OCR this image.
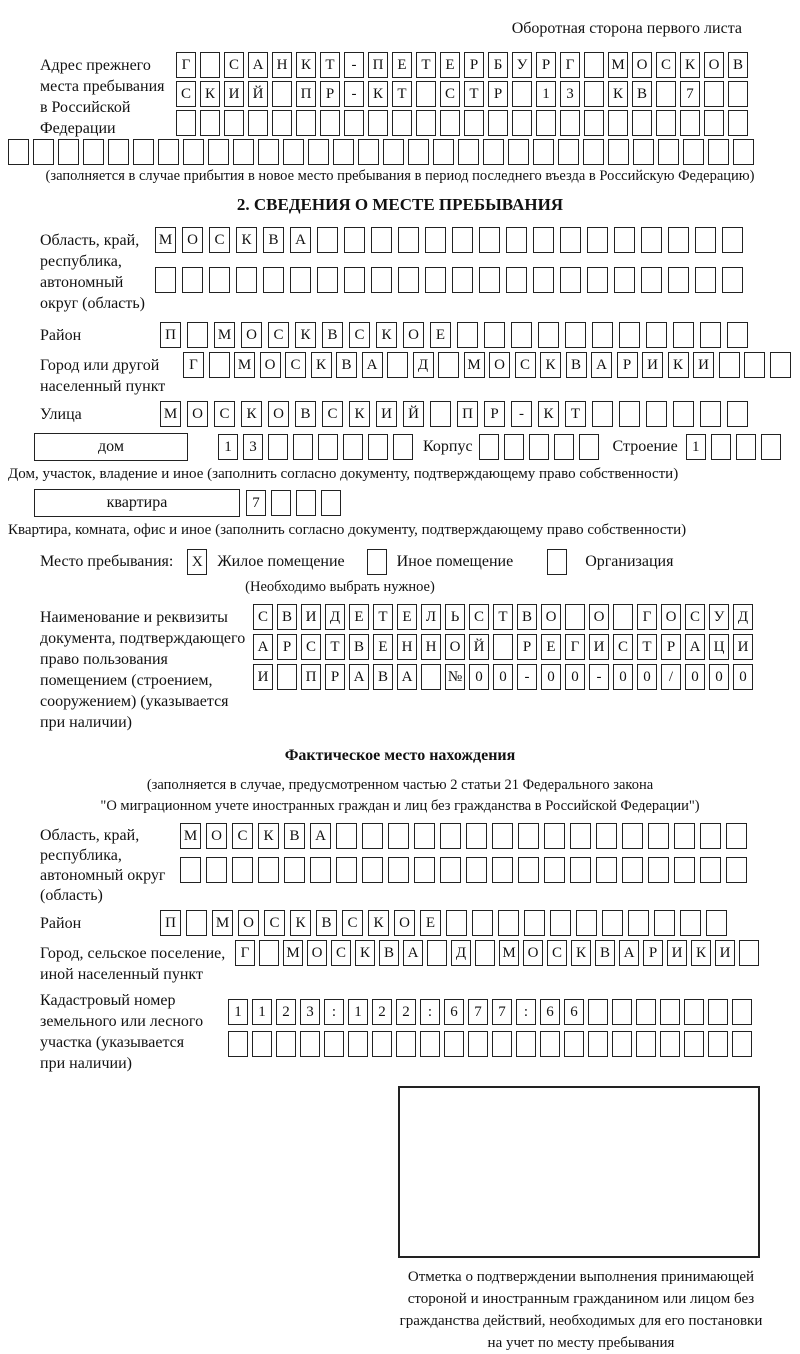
Оборотная сторона первого листа
Адрес прежнего
места пребывания
в Российской
Федерации
Г	С А Н К Т	-	П Е Т Е	Р	Б У Р	Г	М О С К О В
С К И Й	П Р	-	К Т	С Т	Р	1	3	К В	7
(заполняется в случае прибытия в новое место пребывания в период последнего въезда в Российскую Федерацию)
2. СВЕДЕНИЯ О МЕСТЕ ПРЕБЫВАНИЯ
Область, край,
республика,
автономный
округ (область)
М О	С	К	В	А
Район	П	М О	С	К	В	С	К	О	Е
Город или другой
населенный пункт
Г	М О	С	К	В	А	Д	М О	С	К	В	А	Р	И	К	И
Улица	М О	С	К	О	В	С	К	И	Й	П	Р	-	К	Т
дом	1	3	Корпус	Строение 1
Дом, участок, владение и иное (заполнить согласно документу, подтверждающему право собственности)
квартира	7
Квартира, комната, офис и иное (заполнить согласно документу, подтверждающему право собственности)
Место пребывания:	X Жилое помещение	Иное помещение	Организация
(Необходимо выбрать нужное)
Наименование и реквизиты
документа, подтверждающего
право пользования
помещением (строением,
сооружением) (указывается
при наличии)
С В И Д Е Т Е Л Ь С Т В О	О	Г О С У Д
А Р С Т В Е Н Н О Й	Р	Е	Г И С Т	Р А Ц И
И	П Р А В А	№ 0	0	-	0	0	-	0	0	/	0	0	0
Фактическое место нахождения
(заполняется в случае, предусмотренном частью 2 статьи 21 Федерального закона
"О миграционном учете иностранных граждан и лиц без гражданства в Российской Федерации")
Область, край,
республика,
автономный округ
(область)
М О	С	К	В	А
Район	П	М О	С	К	В	С	К	О	Е
Город, сельское поселение,
иной населенный пункт
Г	М О С К В А	Д	М О С К В А Р И К И
Кадастровый номер
земельного или лесного
участка (указывается
при наличии)
1	1	2	3	:	1	2	2	:	6	7	7	:	6	6
Отметка о подтверждении выполнения принимающей
стороной и иностранным гражданином или лицом без
гражданства действий, необходимых для его постановки
на учет по месту пребывания
